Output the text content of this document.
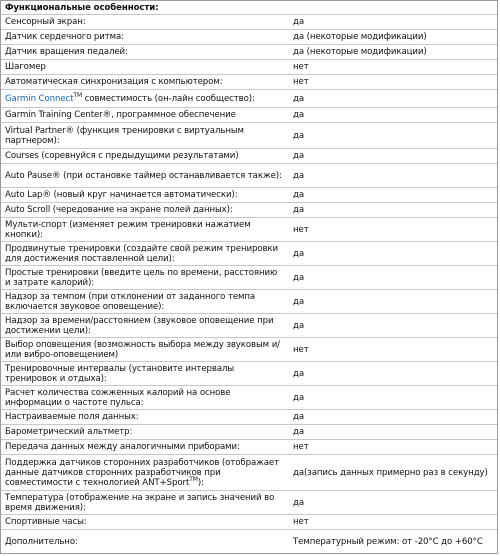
Функциональные особенности:	
Сенсорный экран:	да
Датчик сердечного ритма:	да (некоторые модификации)
Датчик вращения педалей:	да (некоторые модификации)
Шагомер	нет
Автоматическая синхронизация с компьютером:	нет
Garmin Connect™ совместимость (он-лайн сообщество):	да
Garmin Training Center®, программное обеспечение	да
Virtual Partner® (функция тренировки с виртуальным партнером):	да
Courses (соревнуйся с предыдущими результатами)	да
Auto Pause® (при остановке таймер останавливается также):	да
Auto Lap® (новый круг начинается автоматически):	да
Auto Scroll (чередование на экране полей данных):	да
Мульти-спорт (изменяет режим тренировки нажатием кнопки):	нет
Продвинутые тренировки (создайте свой режим тренировки для достижения поставленной цели):	да
Простые тренировки (введите цель по времени, расстоянию и затрате калорий):	да
Надзор за темпом (при отклонении от заданного темпа включается звуковое оповещение):	да
Надзор за времени/расстоянием (звуковое оповещение при достижении цели):	да
Выбор оповещения (возможность выбора между звуковым и/или вибро-оповещением)	нет
Тренировочные интервалы (установите интервалы тренировок и отдыха):	да
Расчет количества сожженных калорий на основе информации о частоте пульса:	да
Настраиваемые поля данных:	да
Барометрический альтметр:	да
Передача данных между аналогичными приборами:	нет
Поддержка датчиков сторонних разработчиков (отображает данные датчиков сторонних разработчиков при совместимости с технологией ANT+Sport™):	да(запись данных примерно раз в секунду)
Температура (отображение на экране и запись значений во время движения):	да
Спортивные часы:	нет
Дополнительно:	Температурный режим: от -20°C до +60°C
